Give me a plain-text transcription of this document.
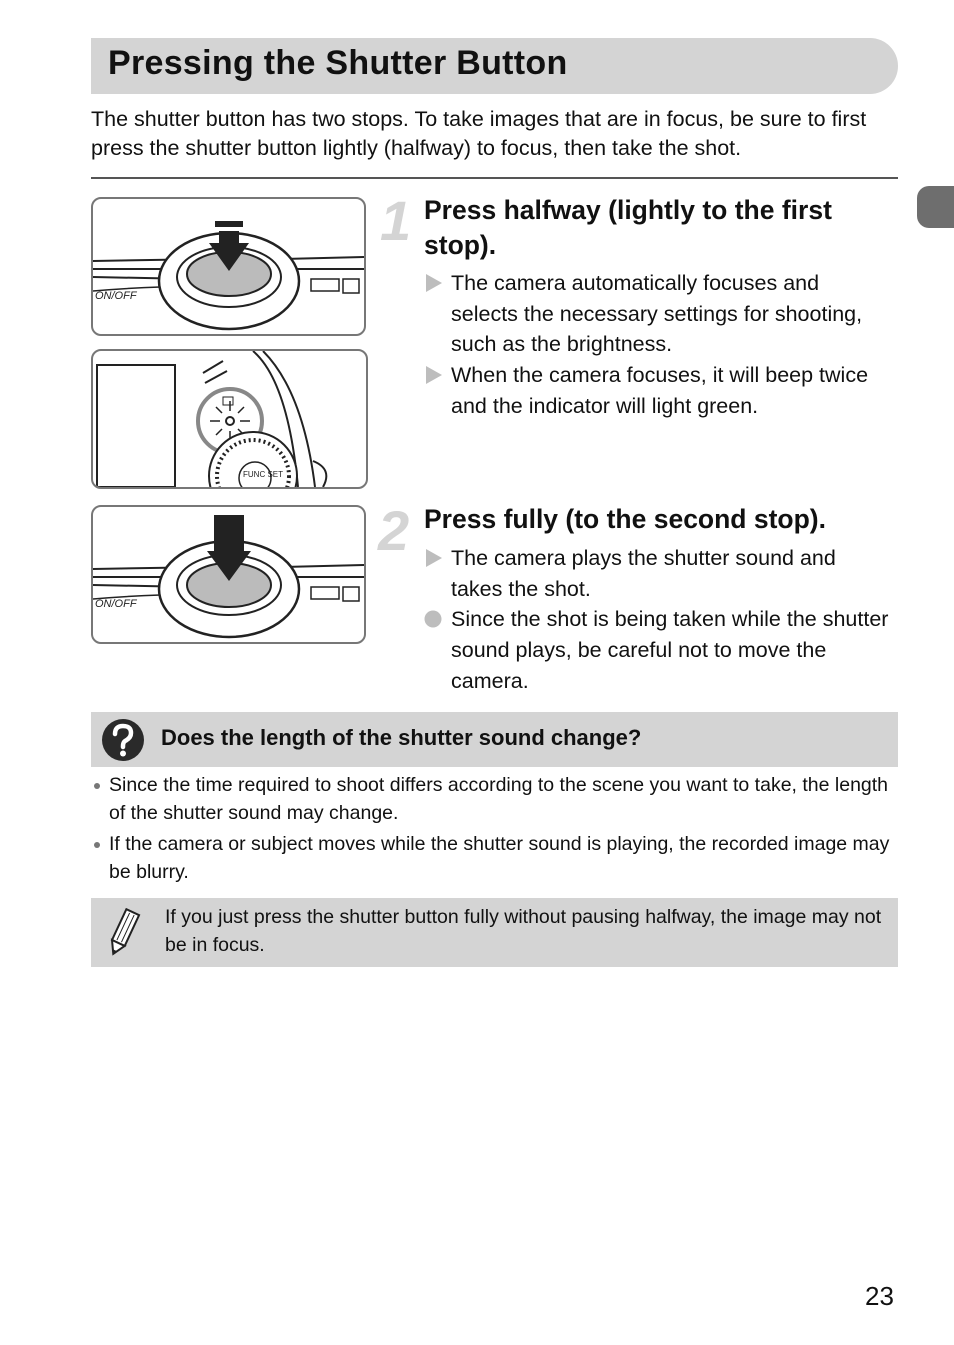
Pressing the Shutter Button
The shutter button has two stops. To take images that are in focus, be sure to first press the shutter button lightly (halfway) to focus, then take the shot.
ON/OFF
FUNC SET
ON/OFF
1 Press halfway (lightly to the first stop).
The camera automatically focuses and selects the necessary settings for shooting, such as the brightness.
When the camera focuses, it will beep twice and the indicator will light green.
2 Press fully (to the second stop).
The camera plays the shutter sound and takes the shot.
Since the shot is being taken while the shutter sound plays, be careful not to move the camera.
Does the length of the shutter sound change?
Since the time required to shoot differs according to the scene you want to take, the length of the shutter sound may change.
If the camera or subject moves while the shutter sound is playing, the recorded image may be blurry.
If you just press the shutter button fully without pausing halfway, the image may not be in focus.
23
